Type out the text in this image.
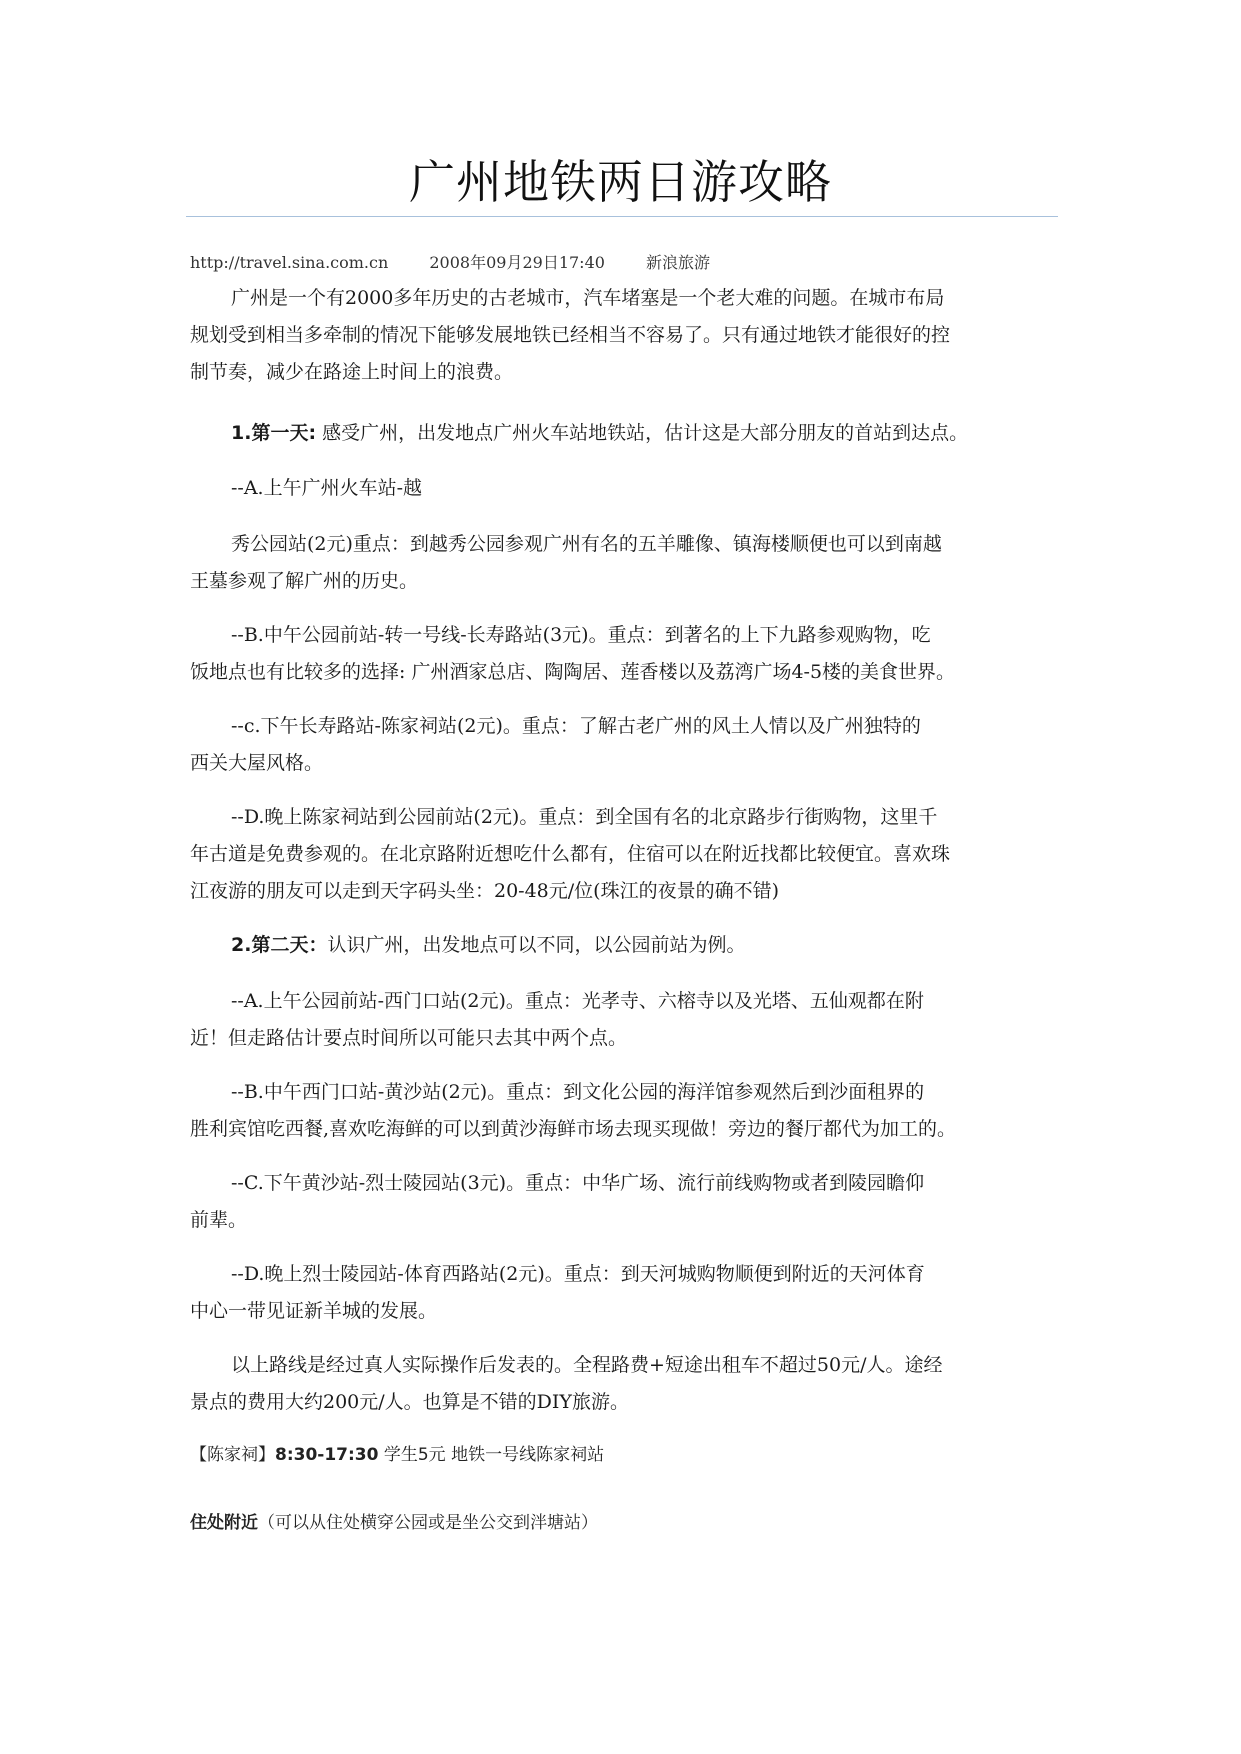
广州地铁两日游攻略
http://travel.sina.com.cn	2008年09月29日17:40	新浪旅游

广州是一个有2000多年历史的古老城市，汽车堵塞是一个老大难的问题。在城市布局
规划受到相当多牵制的情况下能够发展地铁已经相当不容易了。只有通过地铁才能很好的控
制节奏，减少在路途上时间上的浪费。

1.第一天: 感受广州，出发地点广州火车站地铁站，估计这是大部分朋友的首站到达点。

--A.上午广州火车站-越

秀公园站(2元)重点：到越秀公园参观广州有名的五羊雕像、镇海楼顺便也可以到南越
王墓参观了解广州的历史。

--B.中午公园前站-转一号线-长寿路站(3元)。重点：到著名的上下九路参观购物，吃
饭地点也有比较多的选择: 广州酒家总店、陶陶居、莲香楼以及荔湾广场4-5楼的美食世界。

--c.下午长寿路站-陈家祠站(2元)。重点：了解古老广州的风土人情以及广州独特的
西关大屋风格。

--D.晚上陈家祠站到公园前站(2元)。重点：到全国有名的北京路步行街购物，这里千
年古道是免费参观的。在北京路附近想吃什么都有，住宿可以在附近找都比较便宜。喜欢珠
江夜游的朋友可以走到天字码头坐：20-48元/位(珠江的夜景的确不错)

2.第二天：认识广州，出发地点可以不同，以公园前站为例。

--A.上午公园前站-西门口站(2元)。重点：光孝寺、六榕寺以及光塔、五仙观都在附
近！但走路估计要点时间所以可能只去其中两个点。

--B.中午西门口站-黄沙站(2元)。重点：到文化公园的海洋馆参观然后到沙面租界的
胜利宾馆吃西餐,喜欢吃海鲜的可以到黄沙海鲜市场去现买现做！旁边的餐厅都代为加工的。

--C.下午黄沙站-烈士陵园站(3元)。重点：中华广场、流行前线购物或者到陵园瞻仰
前辈。

--D.晚上烈士陵园站-体育西路站(2元)。重点：到天河城购物顺便到附近的天河体育
中心一带见证新羊城的发展。

以上路线是经过真人实际操作后发表的。全程路费+短途出租车不超过50元/人。途经
景点的费用大约200元/人。也算是不错的DIY旅游。

【陈家祠】8:30-17:30 学生5元 地铁一号线陈家祠站
住处附近（可以从住处横穿公园或是坐公交到泮塘站）
